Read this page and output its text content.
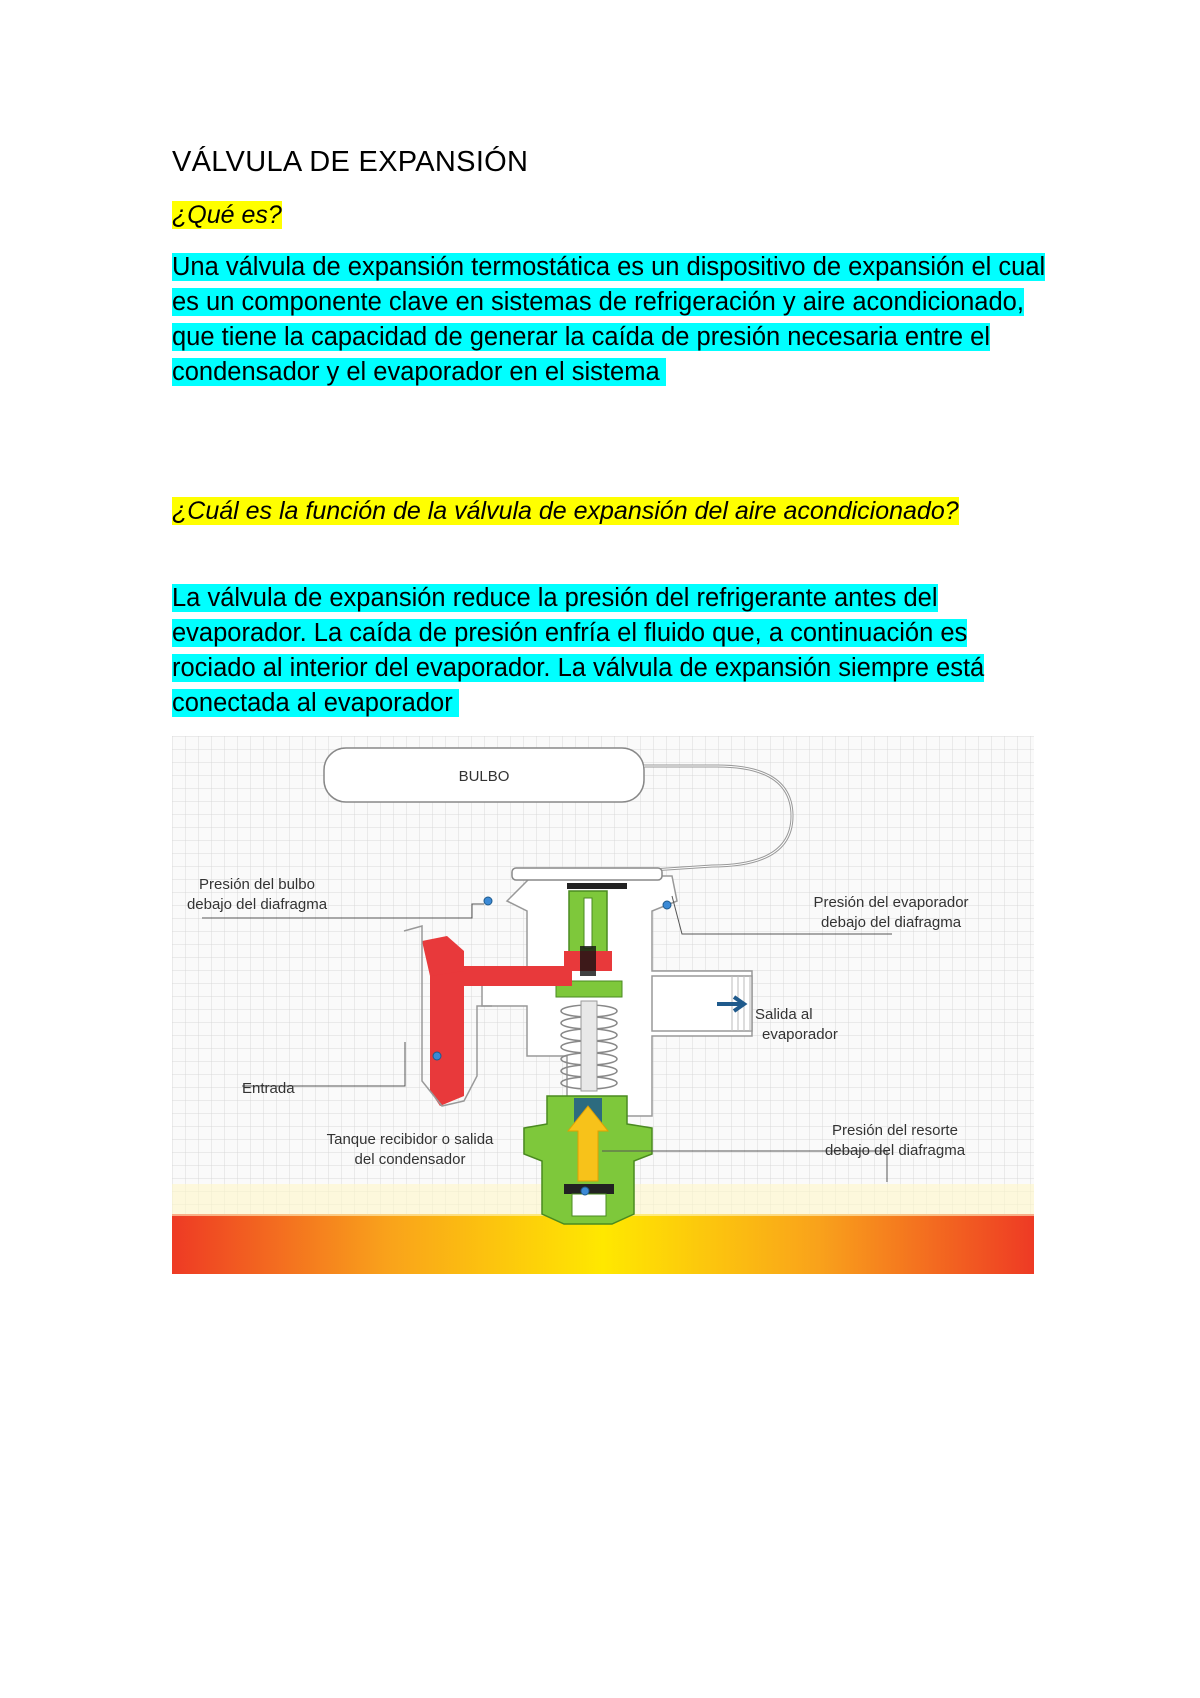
VÁLVULA DE EXPANSIÓN
¿Qué es?
Una válvula de expansión termostática es un dispositivo de expansión el cual es un componente clave en sistemas de refrigeración y aire acondicionado, que tiene la capacidad de generar la caída de presión necesaria entre el condensador y el evaporador en el sistema
¿Cuál es la función de la válvula de expansión del aire acondicionado?
La válvula de expansión reduce la presión del refrigerante antes del evaporador. La caída de presión enfría el fluido que, a continuación es rociado al interior del evaporador. La válvula de expansión siempre está conectada al evaporador
BULBO
Presión del bulbo
debajo del diafragma	Presión del evaporador
debajo del diafragma
Salida al
evaporador
Entrada
Tanque recibidor o salida
del condensador
Presión del resorte
debajo del diafragma
